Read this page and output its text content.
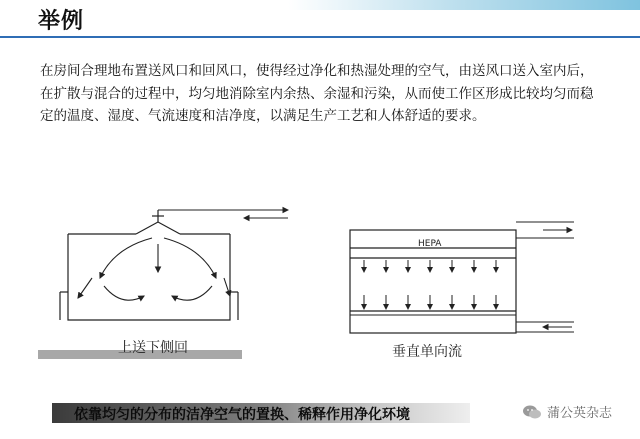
举例
在房间合理地布置送风口和回风口，使得经过净化和热湿处理的空气，由送风口送入室内后，在扩散与混合的过程中，均匀地消除室内余热、余湿和污染，从而使工作区形成比较均匀而稳定的温度、湿度、气流速度和洁净度，以满足生产工艺和人体舒适的要求。
HEPA
上送下侧回	垂直单向流
依靠均匀的分布的洁净空气的置换、稀释作用净化环境	蒲公英杂志
